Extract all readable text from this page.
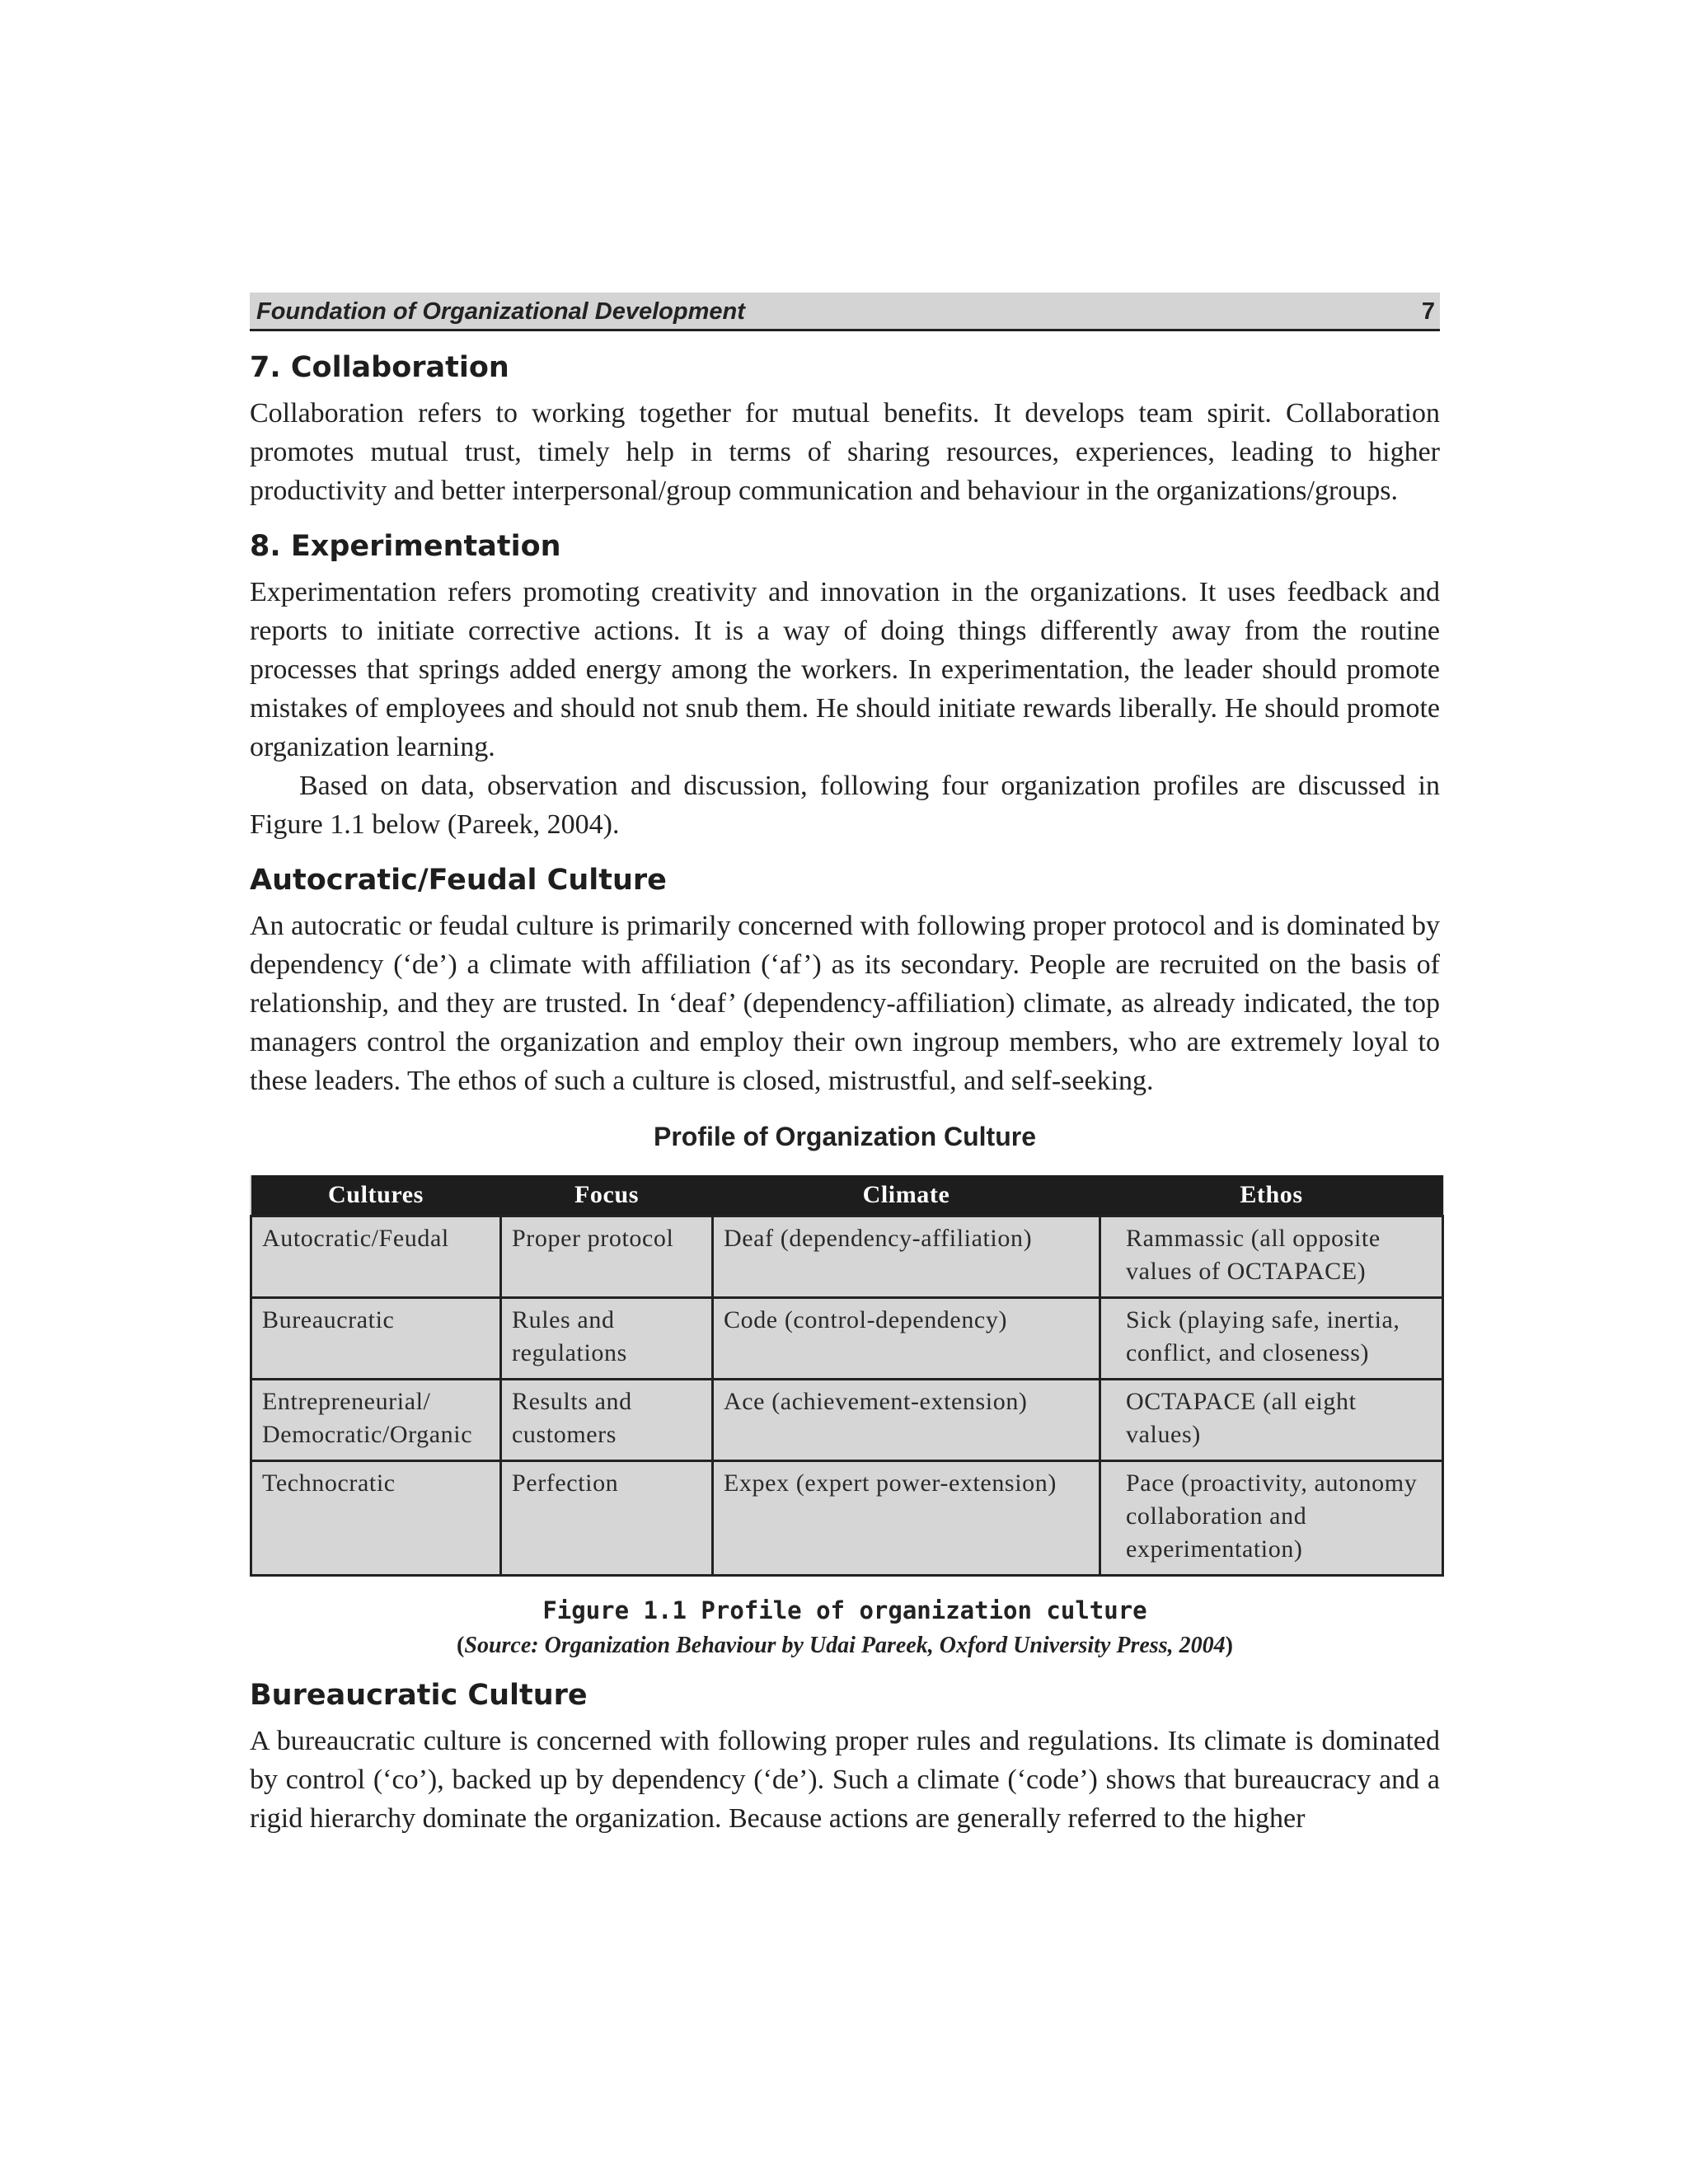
Foundation of Organizational Development	7
7. Collaboration

Collaboration refers to working together for mutual benefits. It develops team spirit. Collaboration promotes mutual trust, timely help in terms of sharing resources, experiences, leading to higher productivity and better interpersonal/group communication and behaviour in the organizations/groups.

8. Experimentation

Experimentation refers promoting creativity and innovation in the organizations. It uses feedback and reports to initiate corrective actions. It is a way of doing things differently away from the routine processes that springs added energy among the workers. In experimentation, the leader should promote mistakes of employees and should not snub them. He should initiate rewards liberally. He should promote organization learning.

Based on data, observation and discussion, following four organization profiles are discussed in Figure 1.1 below (Pareek, 2004).

Autocratic/Feudal Culture

An autocratic or feudal culture is primarily concerned with following proper protocol and is dominated by dependency (‘de’) a climate with affiliation (‘af’) as its secondary. People are recruited on the basis of relationship, and they are trusted. In ‘deaf’ (dependency-affiliation) climate, as already indicated, the top managers control the organization and employ their own ingroup members, who are extremely loyal to these leaders. The ethos of such a culture is closed, mistrustful, and self-seeking.

Profile of Organization Culture
Cultures	Focus	Climate	Ethos
Autocratic/Feudal	Proper protocol	Deaf (dependency-affiliation)	Rammassic (all opposite values of OCTAPACE)
Bureaucratic	Rules and regulations	Code (control-dependency)	Sick (playing safe, inertia, conflict, and closeness)
Entrepreneurial/ Democratic/Organic	Results and customers	Ace (achievement-extension)	OCTAPACE (all eight values)
Technocratic	Perfection	Expex (expert power-extension)	Pace (proactivity, autonomy collaboration and experimentation)
Figure 1.1 Profile of organization culture
(Source: Organization Behaviour by Udai Pareek, Oxford University Press, 2004)
Bureaucratic Culture

A bureaucratic culture is concerned with following proper rules and regulations. Its climate is dominated by control (‘co’), backed up by dependency (‘de’). Such a climate (‘code’) shows that bureaucracy and a rigid hierarchy dominate the organization. Because actions are generally referred to the higher
